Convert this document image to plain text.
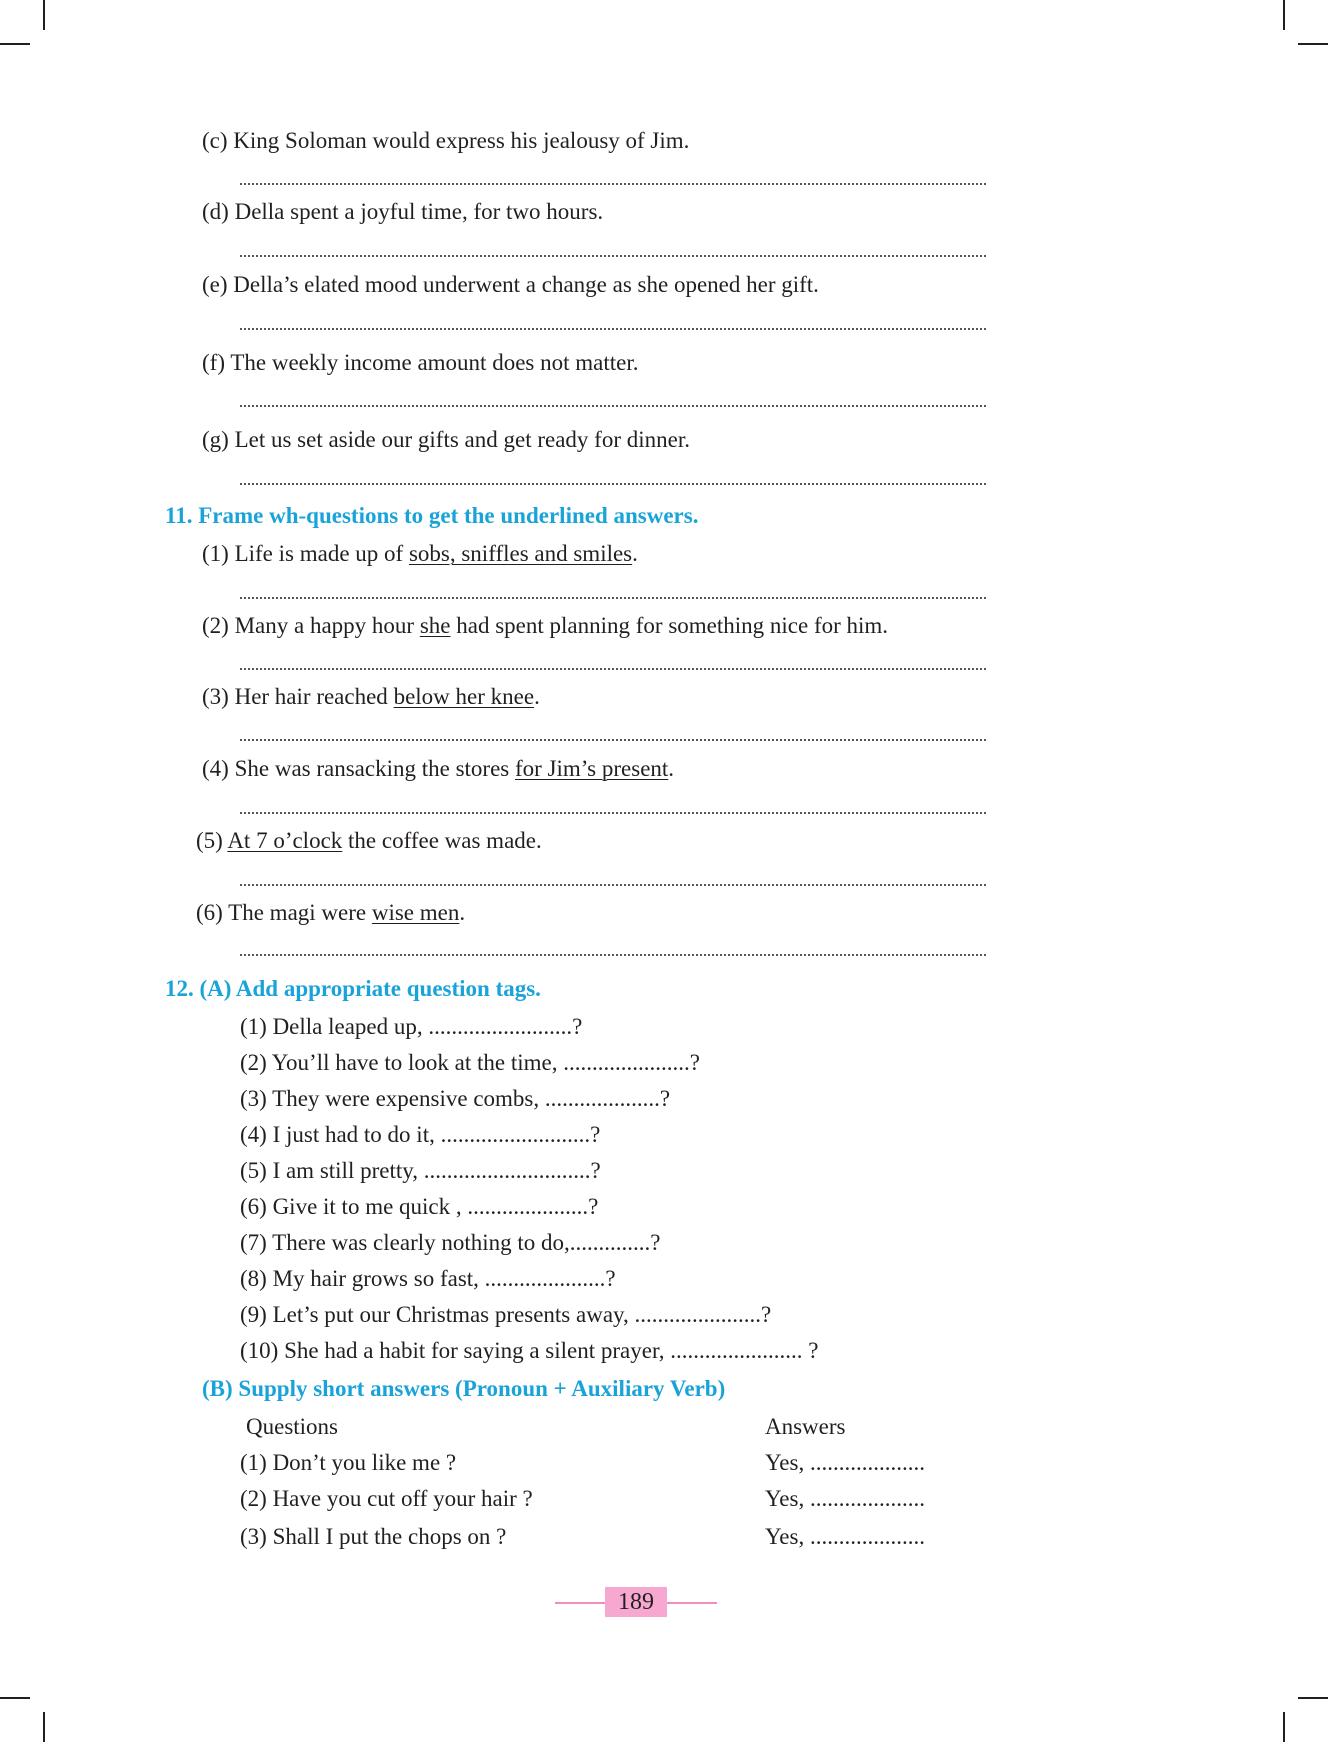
(c) King Soloman would express his jealousy of Jim.
(d) Della spent a joyful time, for two hours.
(e) Della’s elated mood underwent a change as she opened her gift.
(f) The weekly income amount does not matter.
(g) Let us set aside our gifts and get ready for dinner.
11. Frame wh-questions to get the underlined answers.
(1) Life is made up of sobs, sniffles and smiles.
(2) Many a happy hour she had spent planning for something nice for him.
(3) Her hair reached below her knee.
(4) She was ransacking the stores for Jim’s present.
(5) At 7 o’clock the coffee was made.
(6) The magi were wise men.
12. (A) Add appropriate question tags.
(1) Della leaped up, .........................?
(2) You’ll have to look at the time, ......................?
(3) They were expensive combs, ....................?
(4) I just had to do it, ..........................?
(5) I am still pretty, .............................?
(6) Give it to me quick , .....................?
(7) There was clearly nothing to do,..............?
(8) My hair grows so fast, .....................?
(9) Let’s put our Christmas presents away, ......................?
(10) She had a habit for saying a silent prayer, ....................... ?
(B) Supply short answers (Pronoun + Auxiliary Verb)
Questions	Answers
(1) Don’t you like me ?	Yes, ....................
(2) Have you cut off your hair ?	Yes, ....................
(3) Shall I put the chops on ?	Yes, ....................
189
